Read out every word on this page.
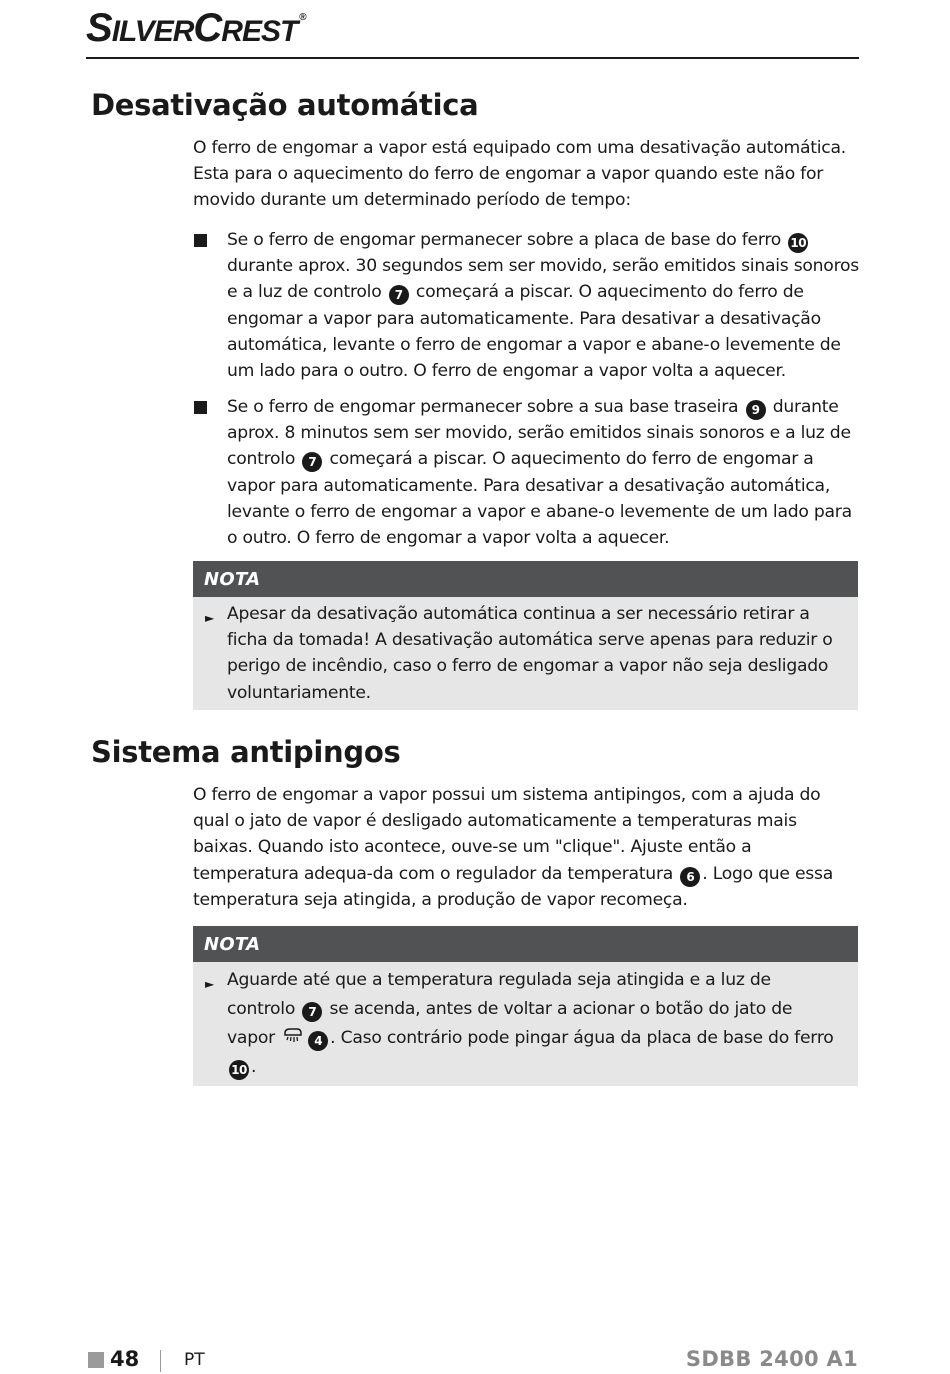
SILVERCREST ®
Desativação automática

O ferro de engomar a vapor está equipado com uma desativação automática. Esta para o aquecimento do ferro de engomar a vapor quando este não for movido durante um determinado período de tempo:

Se o ferro de engomar permanecer sobre a placa de base do ferro 10 durante aprox. 30 segundos sem ser movido, serão emitidos sinais sonoros e a luz de controlo 7 começará a piscar. O aquecimento do ferro de engomar a vapor para automaticamente. Para desativar a desativação automática, levante o ferro de engomar a vapor e abane-o levemente de um lado para o outro. O ferro de engomar a vapor volta a aquecer.
Se o ferro de engomar permanecer sobre a sua base traseira 9 durante aprox. 8 minutos sem ser movido, serão emitidos sinais sonoros e a luz de controlo 7 começará a piscar. O aquecimento do ferro de engomar a vapor para automaticamente. Para desativar a desativação automática, levante o ferro de engomar a vapor e abane-o levemente de um lado para o outro. O ferro de engomar a vapor volta a aquecer.
NOTA
► Apesar da desativação automática continua a ser necessário retirar a ficha da tomada! A desativação automática serve apenas para reduzir o perigo de incêndio, caso o ferro de engomar a vapor não seja desligado voluntariamente.
Sistema antipingos

O ferro de engomar a vapor possui um sistema antipingos, com a ajuda do qual o jato de vapor é desligado automaticamente a temperaturas mais baixas. Quando isto acontece, ouve-se um "clique". Ajuste então a temperatura adequa-da com o regulador da temperatura 6 . Logo que essa temperatura seja atingida, a produção de vapor recomeça.

NOTA
► Aguarde até que a temperatura regulada seja atingida e a luz de controlo 7 se acenda, antes de voltar a acionar o botão do jato de vapor	4 . Caso contrário pode pingar água da placa de base do ferro 10 .
48	PT	SDBB 2400 A1
